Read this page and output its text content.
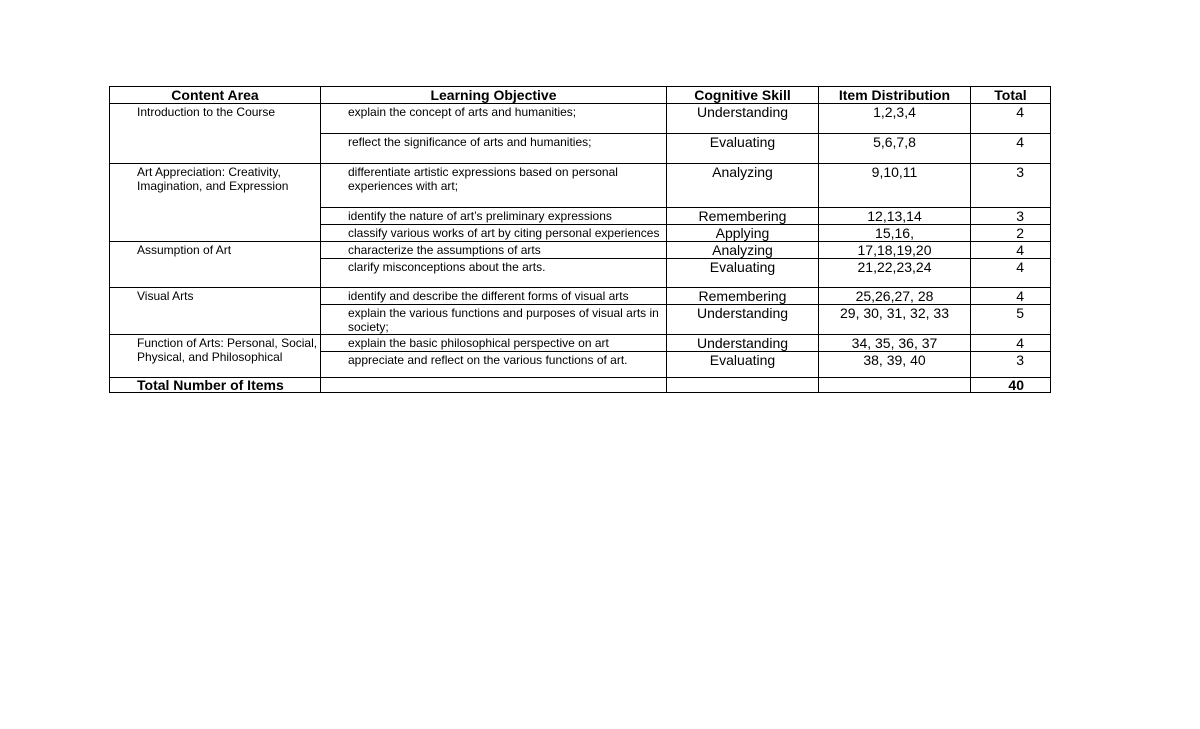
Content Area	Learning Objective	Cognitive Skill	Item Distribution	Total
Introduction to the Course	explain the concept of arts and humanities;	Understanding	1,2,3,4	4
	reflect the significance of arts and humanities;	Evaluating	5,6,7,8	4
Art Appreciation: Creativity, Imagination, and Expression	differentiate artistic expressions based on personal experiences with art;	Analyzing	9,10,11	3
	identify the nature of art’s preliminary expressions	Remembering	12,13,14	3
	classify various works of art by citing personal experiences	Applying	15,16,	2
Assumption of Art	characterize the assumptions of arts	Analyzing	17,18,19,20	4
	clarify misconceptions about the arts.	Evaluating	21,22,23,24	4
Visual Arts	identify and describe the different forms of visual arts	Remembering	25,26,27, 28	4
	explain the various functions and purposes of visual arts in society;	Understanding	29, 30, 31, 32, 33	5
Function of Arts: Personal, Social, Physical, and Philosophical	explain the basic philosophical perspective on art	Understanding	34, 35, 36, 37	4
	appreciate and reflect on the various functions of art.	Evaluating	38, 39, 40	3
Total Number of Items				40
